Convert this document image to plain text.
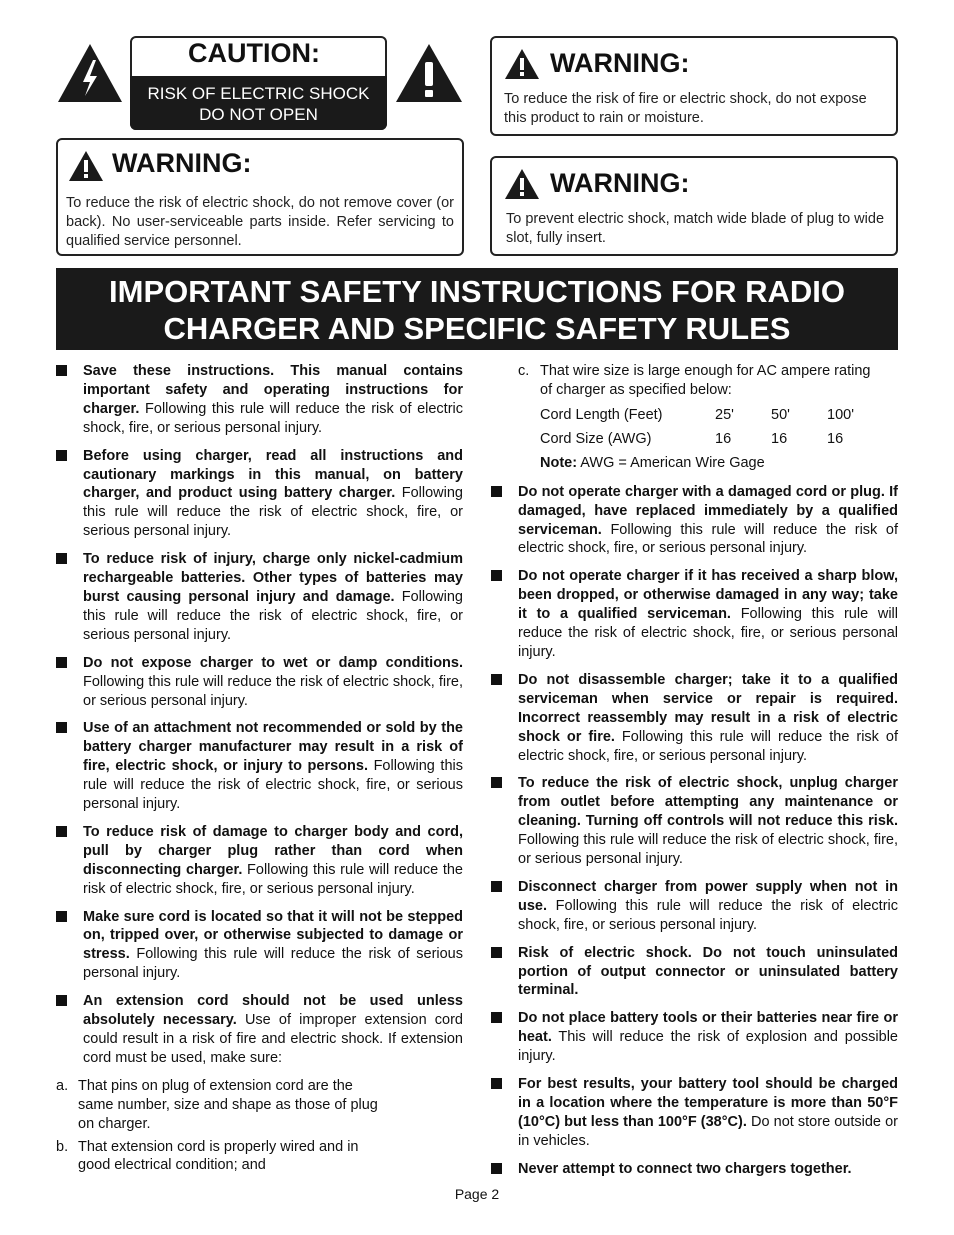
CAUTION:
RISK OF ELECTRIC SHOCK
DO NOT OPEN
WARNING:
To reduce the risk of fire or electric shock, do not expose this product to rain or moisture.
WARNING:
To reduce the risk of electric shock, do not remove cover (or back). No user-serviceable parts inside. Refer servicing to qualified service personnel.
WARNING:
To prevent electric shock, match wide blade of plug to wide slot, fully insert.
IMPORTANT SAFETY INSTRUCTIONS FOR RADIO
CHARGER AND SPECIFIC SAFETY RULES
Save these instructions. This manual contains important safety and operating instructions for charger. Following this rule will reduce the risk of electric shock, fire, or serious personal injury.
Before using charger, read all instructions and cautionary markings in this manual, on battery charger, and product using battery charger. Following this rule will reduce the risk of electric shock, fire, or serious personal injury.
To reduce risk of injury, charge only nickel-cadmium rechargeable batteries. Other types of batteries may burst causing personal injury and damage. Following this rule will reduce the risk of electric shock, fire, or serious personal injury.
Do not expose charger to wet or damp conditions. Following this rule will reduce the risk of electric shock, fire, or serious personal injury.
Use of an attachment not recommended or sold by the battery charger manufacturer may result in a risk of fire, electric shock, or injury to persons. Following this rule will reduce the risk of electric shock, fire, or serious personal injury.
To reduce risk of damage to charger body and cord, pull by charger plug rather than cord when disconnecting charger. Following this rule will reduce the risk of electric shock, fire, or serious personal injury.
Make sure cord is located so that it will not be stepped on, tripped over, or otherwise subjected to damage or stress. Following this rule will reduce the risk of serious personal injury.
An extension cord should not be used unless absolutely necessary. Use of improper extension cord could result in a risk of fire and electric shock. If extension cord must be used, make sure:
a. That pins on plug of extension cord are the same number, size and shape as those of plug on charger.
b. That extension cord is properly wired and in good electrical condition; and
c. That wire size is large enough for AC ampere rating of charger as specified below:
Cord Length (Feet)	25'	50'	100'
Cord Size (AWG)	16	16	16
Note: AWG = American Wire Gage
Do not operate charger with a damaged cord or plug. If damaged, have replaced immediately by a qualified serviceman. Following this rule will reduce the risk of electric shock, fire, or serious personal injury.
Do not operate charger if it has received a sharp blow, been dropped, or otherwise damaged in any way; take it to a qualified serviceman. Following this rule will reduce the risk of electric shock, fire, or serious personal injury.
Do not disassemble charger; take it to a qualified serviceman when service or repair is required. Incorrect reassembly may result in a risk of electric shock or fire. Following this rule will reduce the risk of electric shock, fire, or serious personal injury.
To reduce the risk of electric shock, unplug charger from outlet before attempting any maintenance or cleaning. Turning off controls will not reduce this risk. Following this rule will reduce the risk of electric shock, fire, or serious personal injury.
Disconnect charger from power supply when not in use. Following this rule will reduce the risk of electric shock, fire, or serious personal injury.
Risk of electric shock. Do not touch uninsulated portion of output connector or uninsulated battery terminal.
Do not place battery tools or their batteries near fire or heat. This will reduce the risk of explosion and possible injury.
For best results, your battery tool should be charged in a location where the temperature is more than 50°F (10°C) but less than 100°F (38°C). Do not store outside or in vehicles.
Never attempt to connect two chargers together.
Page 2
